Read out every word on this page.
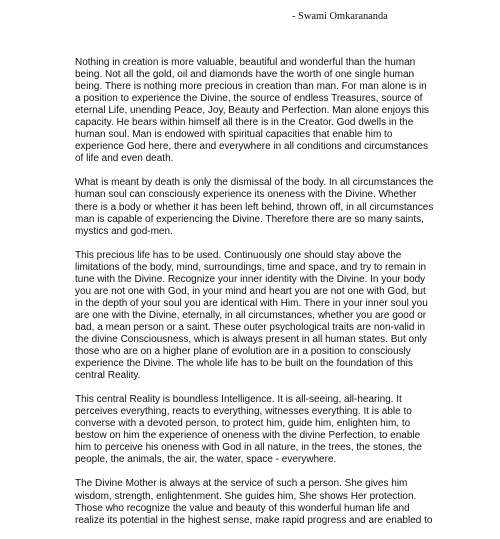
- Swami Omkarananda
Nothing in creation is more valuable, beautiful and wonderful than the human
being. Not all the gold, oil and diamonds have the worth of one single human
being. There is nothing more precious in creation than man. For man alone is in
a position to experience the Divine, the source of endless Treasures, source of
eternal Life, unending Peace, Joy, Beauty and Perfection. Man alone enjoys this
capacity. He bears within himself all there is in the Creator. God dwells in the
human soul. Man is endowed with spiritual capacities that enable him to
experience God here, there and everywhere in all conditions and circumstances
of life and even death.
What is meant by death is only the dismissal of the body. In all circumstances the
human soul can consciously experience its oneness with the Divine. Whether
there is a body or whether it has been left behind, thrown off, in all circumstances
man is capable of experiencing the Divine. Therefore there are so many saints,
mystics and god-men.
This precious life has to be used. Continuously one should stay above the
limitations of the body, mind, surroundings, time and space, and try to remain in
tune with the Divine. Recognize your inner identity with the Divine. In your body
you are not one with God, in your mind and heart you are not one with God, but
in the depth of your soul you are identical with Him. There in your inner soul you
are one with the Divine, eternally, in all circumstances, whether you are good or
bad, a mean person or a saint. These outer psychological traits are non-valid in
the divine Consciousness, which is always present in all human states. But only
those who are on a higher plane of evolution are in a position to consciously
experience the Divine. The whole life has to be built on the foundation of this
central Reality.
This central Reality is boundless Intelligence. It is all-seeing, all-hearing. It
perceives everything, reacts to everything, witnesses everything. It is able to
converse with a devoted person, to protect him, guide him, enlighten him, to
bestow on him the experience of oneness with the divine Perfection, to enable
him to perceive his oneness with God in all nature, in the trees, the stones, the
people, the animals, the air, the water, space - everywhere.
The Divine Mother is always at the service of such a person. She gives him
wisdom, strength, enlightenment. She guides him, She shows Her protection.
Those who recognize the value and beauty of this wonderful human life and
realize its potential in the highest sense, make rapid progress and are enabled to
